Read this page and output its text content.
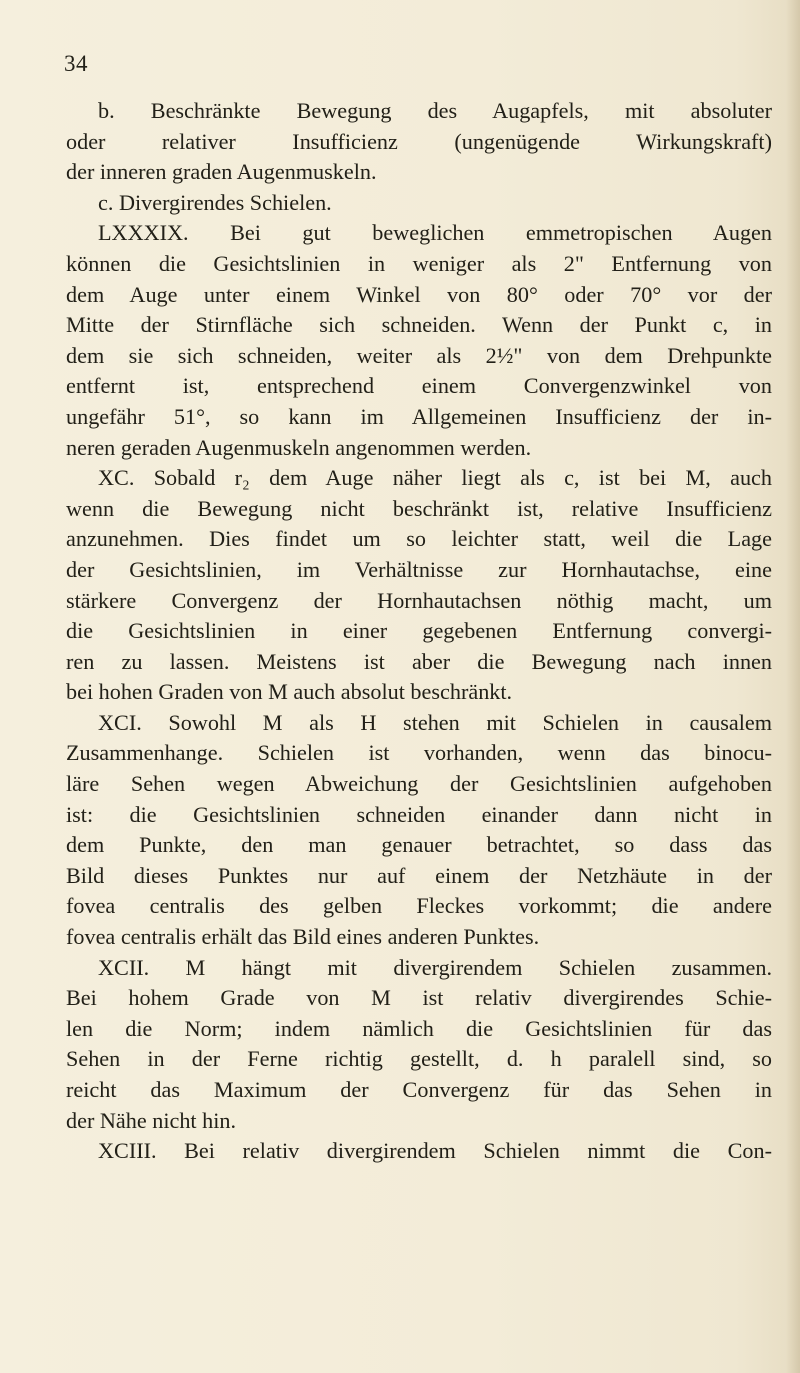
34
b. Beschränkte Bewegung des Augapfels, mit absoluter
oder relativer Insufficienz (ungenügende Wirkungskraft)
der inneren graden Augenmuskeln.
c. Divergirendes Schielen.
LXXXIX. Bei gut beweglichen emmetropischen Augen
können die Gesichtslinien in weniger als 2" Entfernung von
dem Auge unter einem Winkel von 80° oder 70° vor der
Mitte der Stirnfläche sich schneiden. Wenn der Punkt c, in
dem sie sich schneiden, weiter als 2½" von dem Drehpunkte
entfernt ist, entsprechend einem Convergenzwinkel von
ungefähr 51°, so kann im Allgemeinen Insufficienz der in-
neren geraden Augenmuskeln angenommen werden.
XC. Sobald r₂ dem Auge näher liegt als c, ist bei M, auch
wenn die Bewegung nicht beschränkt ist, relative Insufficienz
anzunehmen. Dies findet um so leichter statt, weil die Lage
der Gesichtslinien, im Verhältnisse zur Hornhautachse, eine
stärkere Convergenz der Hornhautachsen nöthig macht, um
die Gesichtslinien in einer gegebenen Entfernung convergi-
ren zu lassen. Meistens ist aber die Bewegung nach innen
bei hohen Graden von M auch absolut beschränkt.
XCI. Sowohl M als H stehen mit Schielen in causalem
Zusammenhange. Schielen ist vorhanden, wenn das binocu-
läre Sehen wegen Abweichung der Gesichtslinien aufgehoben
ist: die Gesichtslinien schneiden einander dann nicht in
dem Punkte, den man genauer betrachtet, so dass das
Bild dieses Punktes nur auf einem der Netzhäute in der
fovea centralis des gelben Fleckes vorkommt; die andere
fovea centralis erhält das Bild eines anderen Punktes.
XCII. M hängt mit divergirendem Schielen zusammen.
Bei hohem Grade von M ist relativ divergirendes Schie-
len die Norm; indem nämlich die Gesichtslinien für das
Sehen in der Ferne richtig gestellt, d. h paralell sind, so
reicht das Maximum der Convergenz für das Sehen in
der Nähe nicht hin.
XCIII. Bei relativ divergirendem Schielen nimmt die Con-
